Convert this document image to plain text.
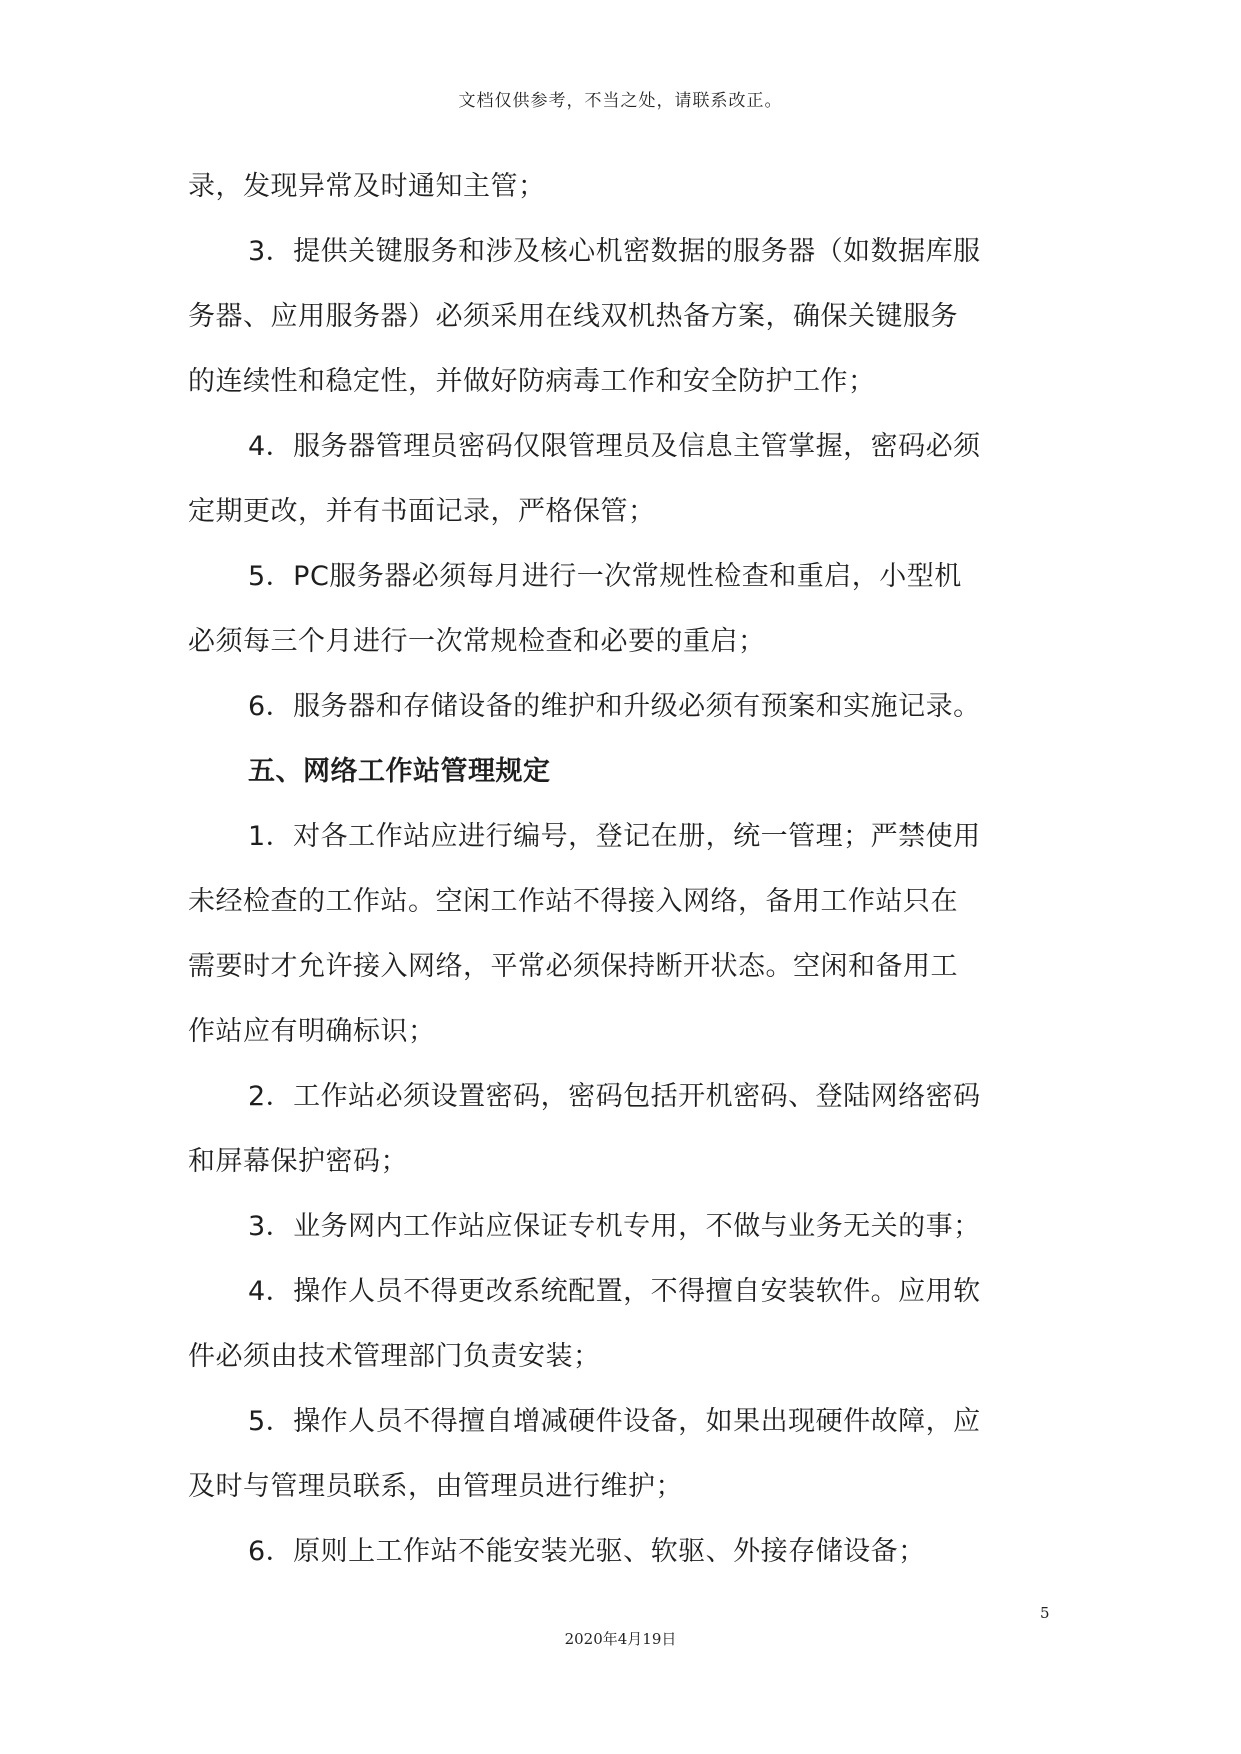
文档仅供参考，不当之处，请联系改正。
录，发现异常及时通知主管；
3．提供关键服务和涉及核心机密数据的服务器（如数据库服
务器、应用服务器）必须采用在线双机热备方案，确保关键服务
的连续性和稳定性，并做好防病毒工作和安全防护工作；
4．服务器管理员密码仅限管理员及信息主管掌握，密码必须
定期更改，并有书面记录，严格保管；
5．PC服务器必须每月进行一次常规性检查和重启，小型机
必须每三个月进行一次常规检查和必要的重启；
6．服务器和存储设备的维护和升级必须有预案和实施记录。
五、网络工作站管理规定
1．对各工作站应进行编号，登记在册，统一管理；严禁使用
未经检查的工作站。空闲工作站不得接入网络，备用工作站只在
需要时才允许接入网络，平常必须保持断开状态。空闲和备用工
作站应有明确标识；
2．工作站必须设置密码，密码包括开机密码、登陆网络密码
和屏幕保护密码；
3．业务网内工作站应保证专机专用，不做与业务无关的事；
4．操作人员不得更改系统配置，不得擅自安装软件。应用软
件必须由技术管理部门负责安装；
5．操作人员不得擅自增减硬件设备，如果出现硬件故障，应
及时与管理员联系，由管理员进行维护；
6．原则上工作站不能安装光驱、软驱、外接存储设备；
5
2020年4月19日
